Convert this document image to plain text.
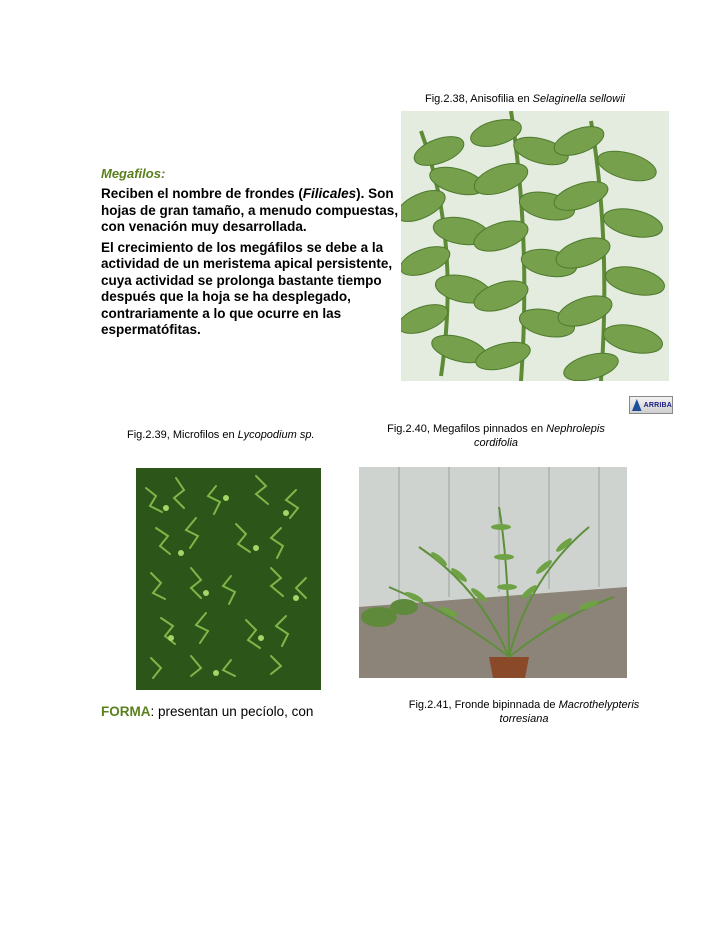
Fig.2.38, Anisofilia en Selaginella sellowii
Megafilos:

Reciben el nombre de frondes (Filicales). Son hojas de gran tamaño, a menudo compuestas, con venación muy desarrollada.

El crecimiento de los megáfilos se debe a la actividad de un meristema apical persistente, cuya actividad se prolonga bastante tiempo después que la hoja se ha desplegado, contrariamente a lo que ocurre en las espermatófitas.

ARRIBA
Fig.2.39, Microfilos en Lycopodium sp.	Fig.2.40, Megafilos pinnados en Nephrolepis
cordifolia
FORMA: presentan un pecíolo, con	Fig.2.41, Fronde bipinnada de Macrothelypteris
torresiana
